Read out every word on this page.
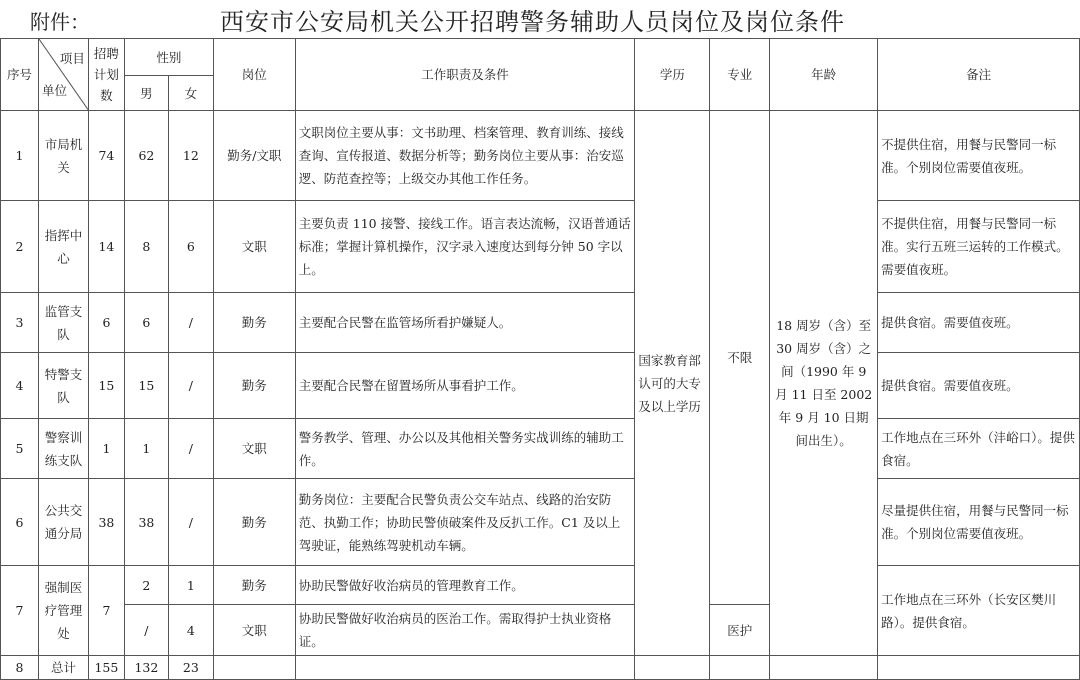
附件：	西安市公安局机关公开招聘警务辅助人员岗位及岗位条件
序号	项目
单位	招聘计划数	性别		岗位	工作职责及条件	学历	专业	年龄	备注
			男	女						
1	市局机关	74	62	12	勤务/文职	文职岗位主要从事：文书助理、档案管理、教育训练、接线查询、宣传报道、数据分析等；勤务岗位主要从事：治安巡逻、防范查控等；上级交办其他工作任务。	国家教育部认可的大专及以上学历	不限	18 周岁（含）至30 周岁（含）之间（1990 年 9 月 11 日至 2002 年 9 月 10 日期间出生）。	不提供住宿，用餐与民警同一标准。个别岗位需要值夜班。
2	指挥中心	14	8	6	文职	主要负责 110 接警、接线工作。语言表达流畅，汉语普通话标准；掌握计算机操作，汉字录入速度达到每分钟 50 字以上。				不提供住宿，用餐与民警同一标准。实行五班三运转的工作模式。需要值夜班。
3	监管支队	6	6	/	勤务	主要配合民警在监管场所看护嫌疑人。				提供食宿。需要值夜班。
4	特警支队	15	15	/	勤务	主要配合民警在留置场所从事看护工作。				提供食宿。需要值夜班。
5	警察训练支队	1	1	/	文职	警务教学、管理、办公以及其他相关警务实战训练的辅助工作。				工作地点在三环外（沣峪口）。提供食宿。
6	公共交通分局	38	38	/	勤务	勤务岗位：主要配合民警负责公交车站点、线路的治安防范、执勤工作；协助民警侦破案件及反扒工作。C1 及以上驾驶证，能熟练驾驶机动车辆。				尽量提供住宿，用餐与民警同一标准。个别岗位需要值夜班。
7	强制医疗管理处	7	2	1	勤务	协助民警做好收治病员的管理教育工作。				工作地点在三环外（长安区樊川路）。提供食宿。
			/	4	文职	协助民警做好收治病员的医治工作。需取得护士执业资格证。		医护		
8	总计	155	132	23						
